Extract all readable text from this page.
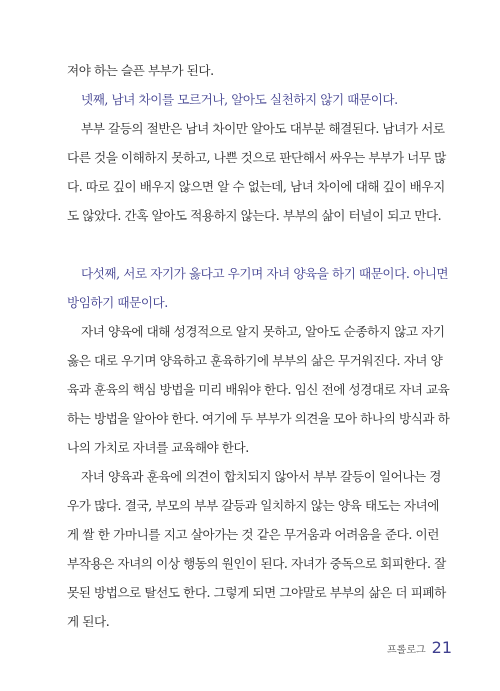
져야 하는 슬픈 부부가 된다.
넷째, 남녀 차이를 모르거나, 알아도 실천하지 않기 때문이다.
부부 갈등의 절반은 남녀 차이만 알아도 대부분 해결된다. 남녀가 서로
다른 것을 이해하지 못하고, 나쁜 것으로 판단해서 싸우는 부부가 너무 많
다. 따로 깊이 배우지 않으면 알 수 없는데, 남녀 차이에 대해 깊이 배우지
도 않았다. 간혹 알아도 적용하지 않는다. 부부의 삶이 터널이 되고 만다.
다섯째, 서로 자기가 옳다고 우기며 자녀 양육을 하기 때문이다. 아니면
방임하기 때문이다.
자녀 양육에 대해 성경적으로 알지 못하고, 알아도 순종하지 않고 자기
옳은 대로 우기며 양육하고 훈육하기에 부부의 삶은 무거워진다. 자녀 양
육과 훈육의 핵심 방법을 미리 배워야 한다. 임신 전에 성경대로 자녀 교육
하는 방법을 알아야 한다. 여기에 두 부부가 의견을 모아 하나의 방식과 하
나의 가치로 자녀를 교육해야 한다.
자녀 양육과 훈육에 의견이 합치되지 않아서 부부 갈등이 일어나는 경
우가 많다. 결국, 부모의 부부 갈등과 일치하지 않는 양육 태도는 자녀에
게 쌀 한 가마니를 지고 살아가는 것 같은 무거움과 어려움을 준다. 이런
부작용은 자녀의 이상 행동의 원인이 된다. 자녀가 중독으로 회피한다. 잘
못된 방법으로 탈선도 한다. 그렇게 되면 그야말로 부부의 삶은 더 피폐하
게 된다.
프롤로그 21
